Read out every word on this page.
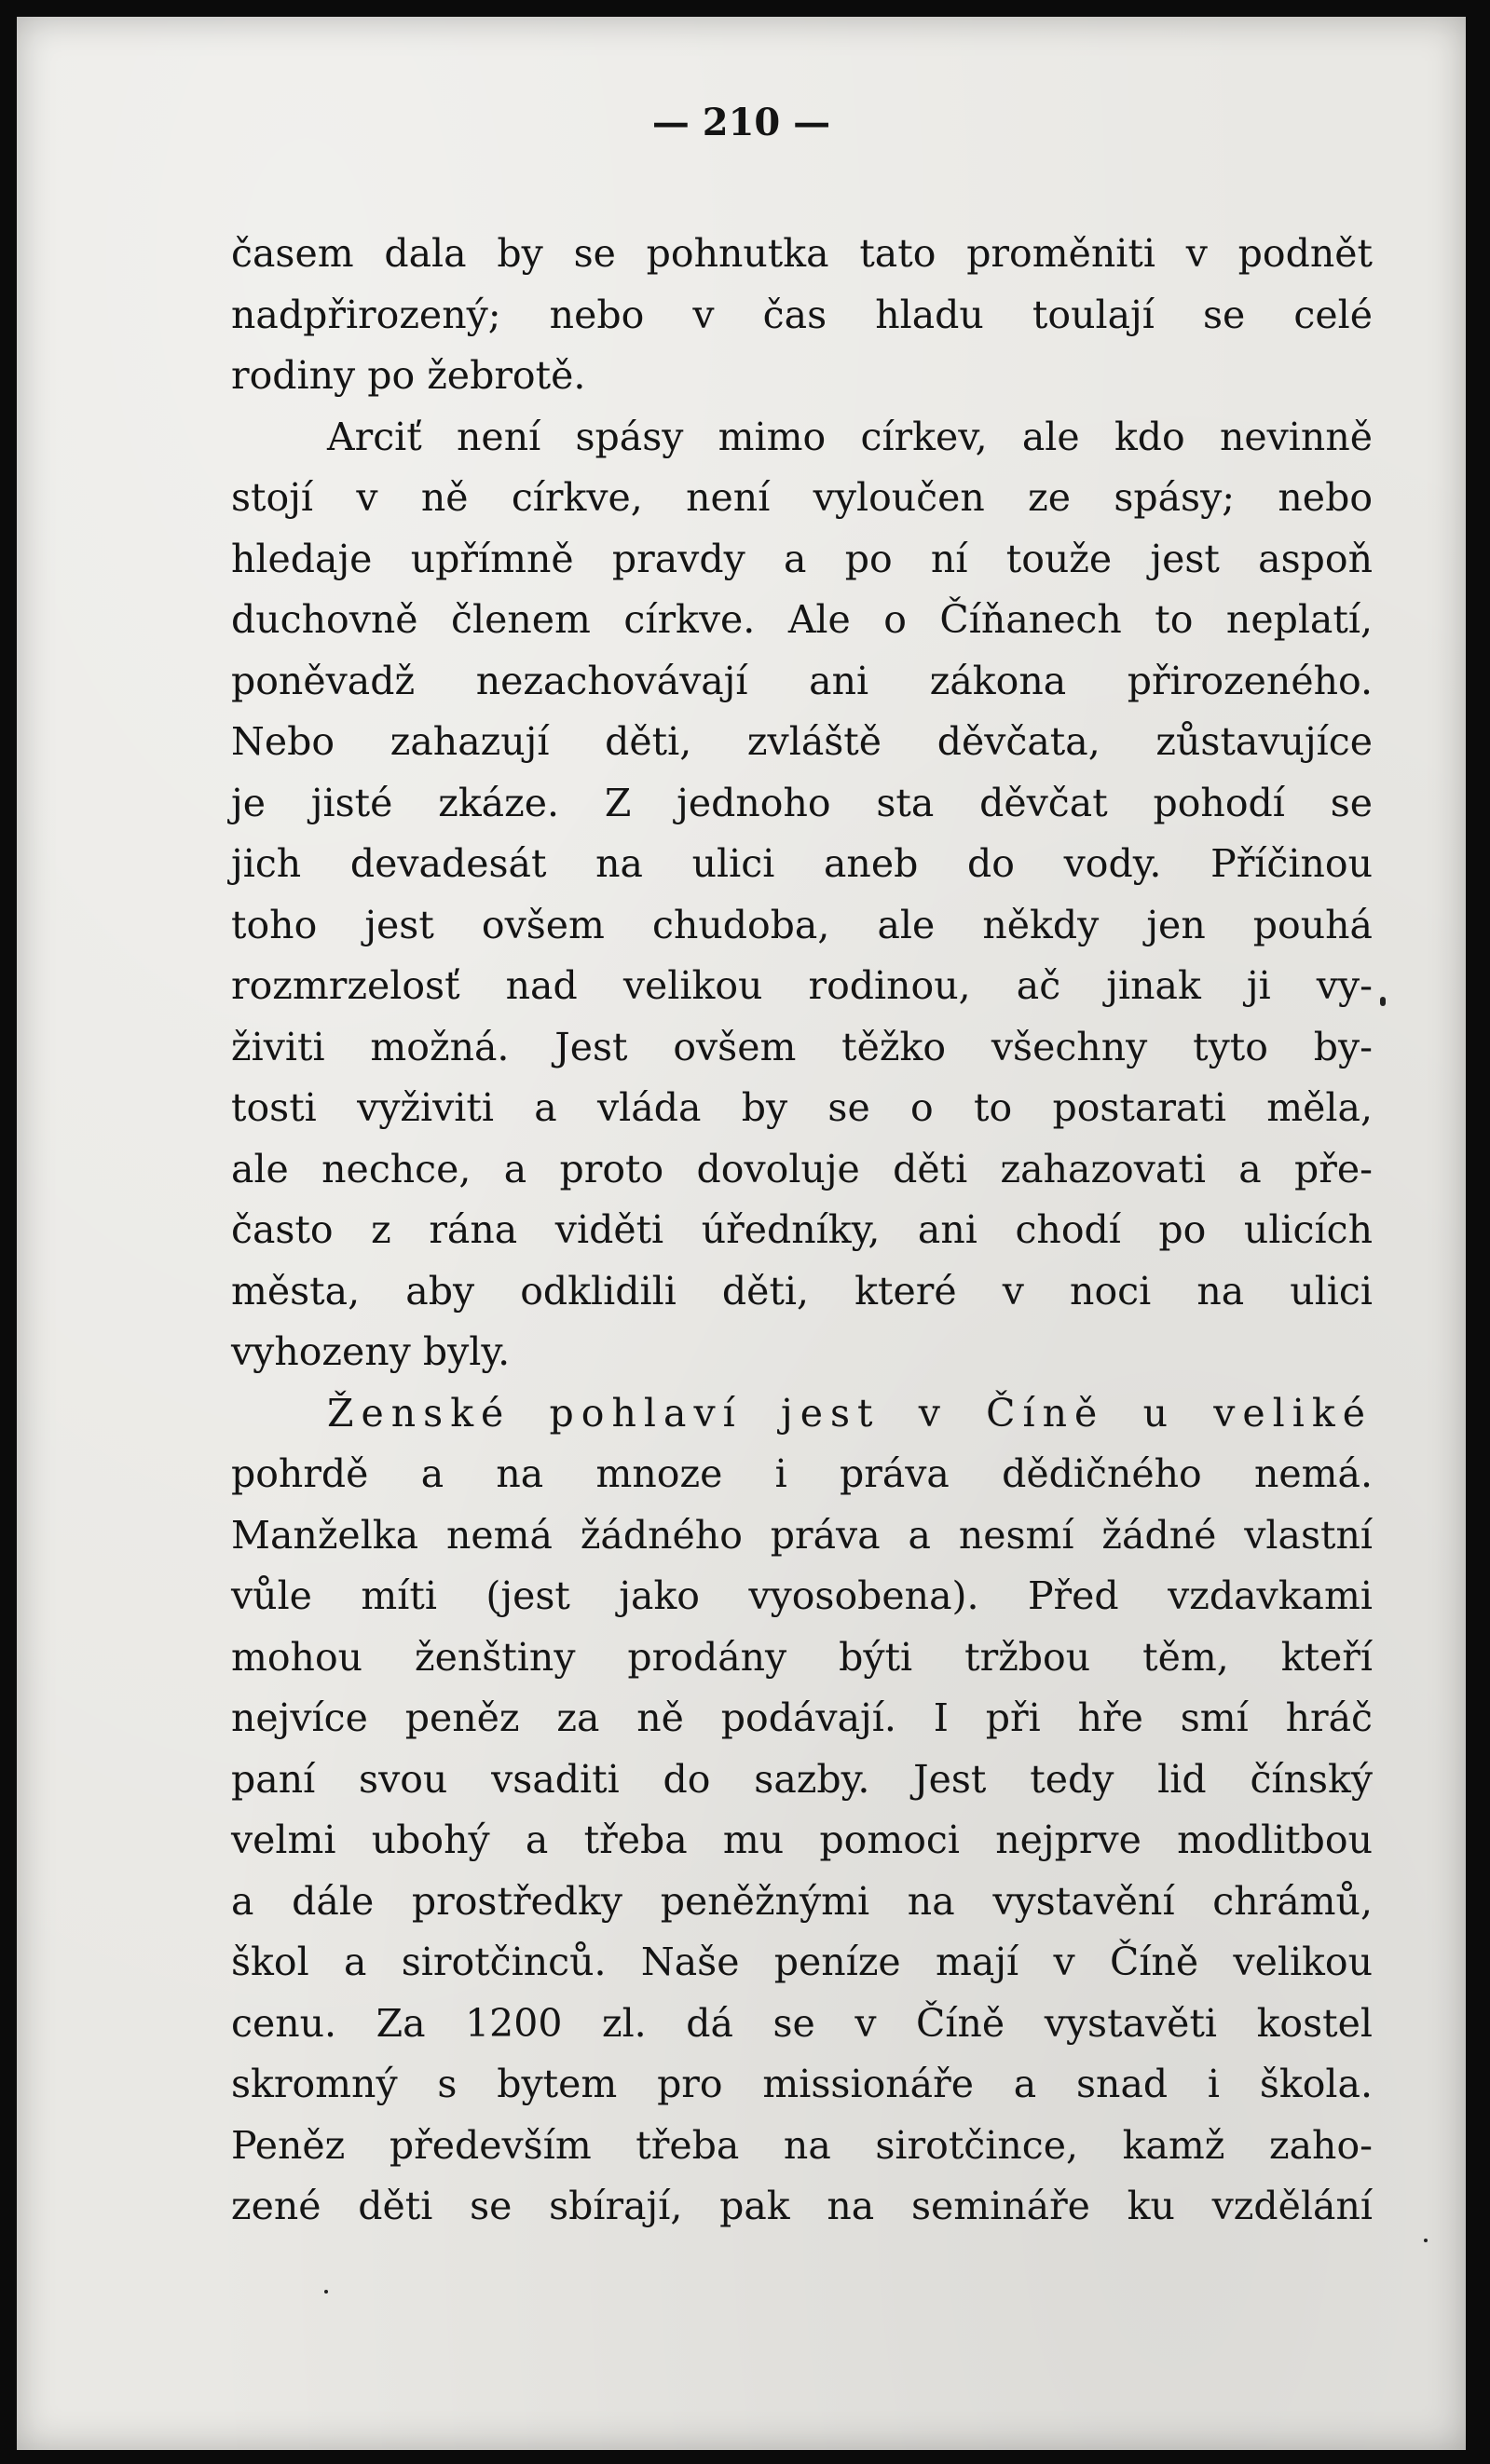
— 210 —
časem dala by se pohnutka tato proměniti v podnět
nadpřirozený; nebo v čas hladu toulají se celé
rodiny po žebrotě.
Arciť není spásy mimo církev, ale kdo nevinně
stojí v ně církve, není vyloučen ze spásy; nebo
hledaje upřímně pravdy a po ní touže jest aspoň
duchovně členem církve. Ale o Číňanech to neplatí,
poněvadž nezachovávají ani zákona přirozeného.
Nebo zahazují děti, zvláště děvčata, zůstavujíce
je jisté zkáze. Z jednoho sta děvčat pohodí se
jich devadesát na ulici aneb do vody. Příčinou
toho jest ovšem chudoba, ale někdy jen pouhá
rozmrzelosť nad velikou rodinou, ač jinak ji vy-
živiti možná. Jest ovšem těžko všechny tyto by-
tosti vyživiti a vláda by se o to postarati měla,
ale nechce, a proto dovoluje děti zahazovati a pře-
často z rána viděti úředníky, ani chodí po ulicích
města, aby odklidili děti, které v noci na ulici
vyhozeny byly.
Ženské pohlaví jest v Číně u veliké
pohrdě a na mnoze i práva dědičného nemá.
Manželka nemá žádného práva a nesmí žádné vlastní
vůle míti (jest jako vyosobena). Před vzdavkami
mohou ženštiny prodány býti tržbou těm, kteří
nejvíce peněz za ně podávají. I při hře smí hráč
paní svou vsaditi do sazby. Jest tedy lid čínský
velmi ubohý a třeba mu pomoci nejprve modlitbou
a dále prostředky peněžnými na vystavění chrámů,
škol a sirotčinců. Naše peníze mají v Číně velikou
cenu. Za 1200 zl. dá se v Číně vystavěti kostel
skromný s bytem pro missionáře a snad i škola.
Peněz především třeba na sirotčince, kamž zaho-
zené děti se sbírají, pak na semináře ku vzdělání
